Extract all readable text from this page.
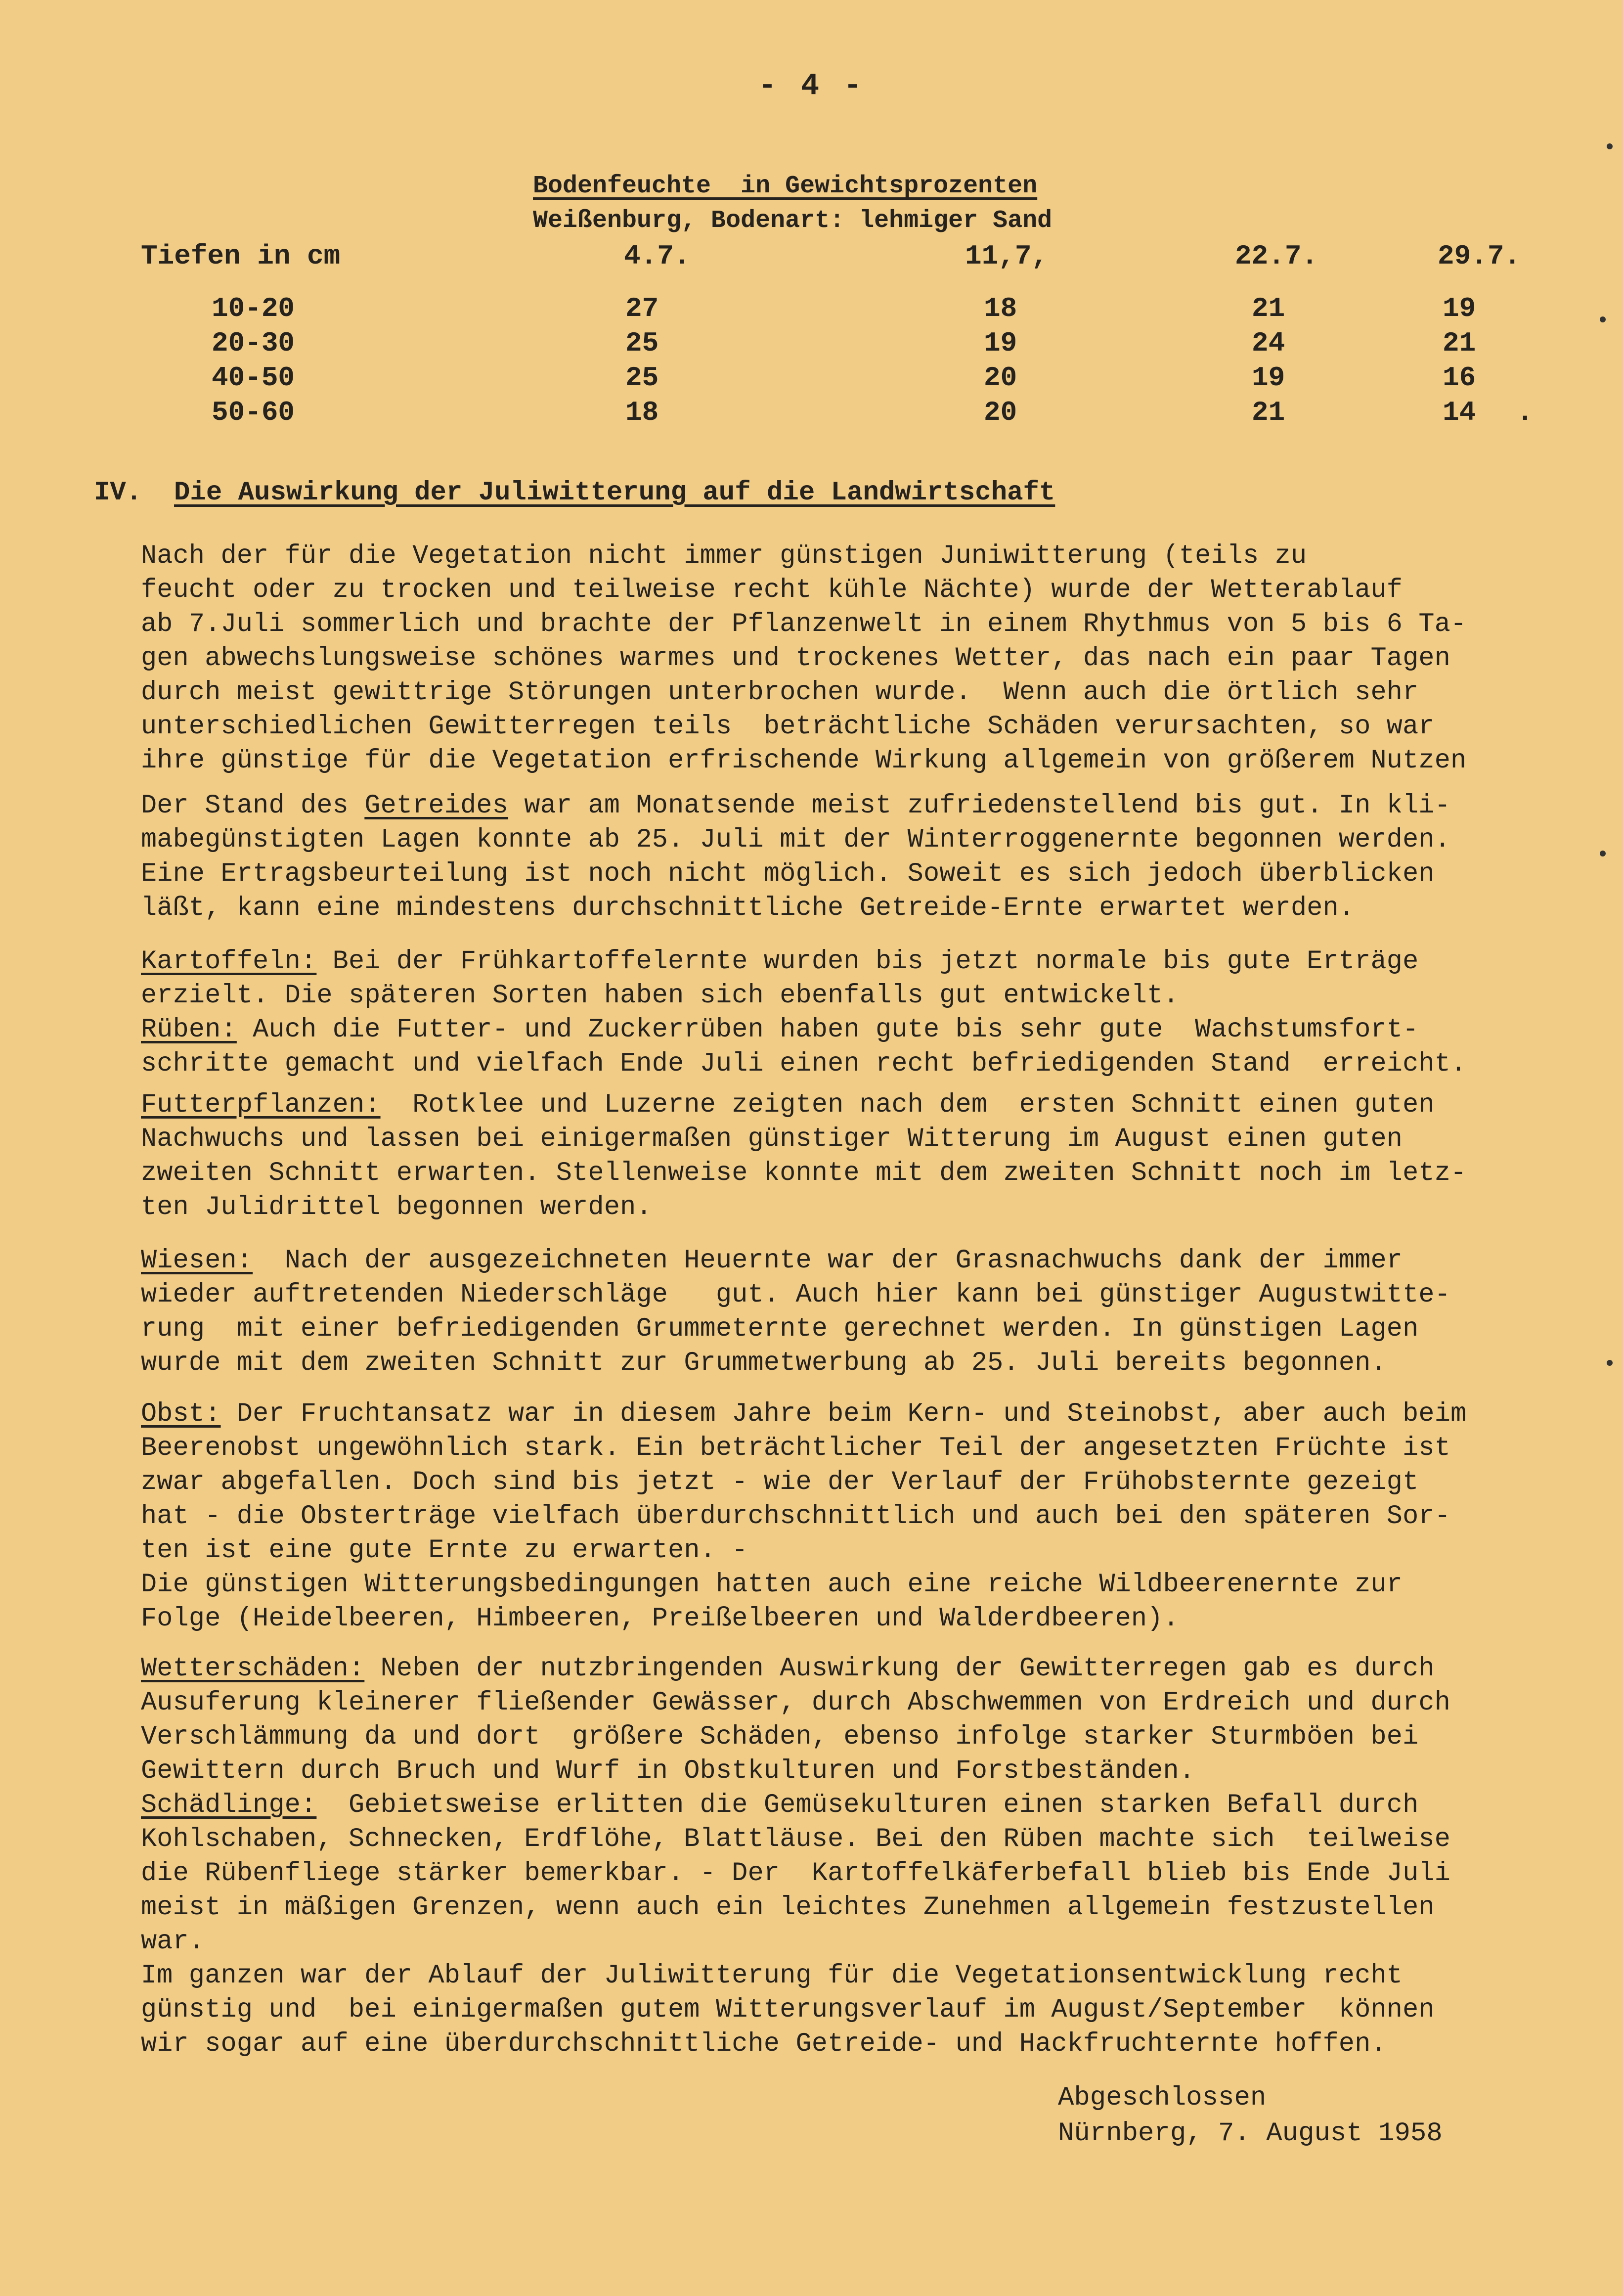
- 4 -
Bodenfeuchte  in Gewichtsprozenten
Weißenburg, Bodenart: lehmiger Sand
Tiefen in cm	4.7.	11,7,	22.7.	29.7.
10-20	27	18	21	19
20-30	25	19	24	21
40-50	25	20	19	16
50-60	18	20	21	14 .
IV. Die Auswirkung der Juliwitterung auf die Landwirtschaft
Nach der für die Vegetation nicht immer günstigen Juniwitterung (teils zu
feucht oder zu trocken und teilweise recht kühle Nächte) wurde der Wetterablauf
ab 7.Juli sommerlich und brachte der Pflanzenwelt in einem Rhythmus von 5 bis 6 Ta-
gen abwechslungsweise schönes warmes und trockenes Wetter, das nach ein paar Tagen
durch meist gewittrige Störungen unterbrochen wurde.  Wenn auch die örtlich sehr
unterschiedlichen Gewitterregen teils  beträchtliche Schäden verursachten, so war
ihre günstige für die Vegetation erfrischende Wirkung allgemein von größerem Nutzen
Der Stand des Getreides war am Monatsende meist zufriedenstellend bis gut. In kli-
mabegünstigten Lagen konnte ab 25. Juli mit der Winterroggenernte begonnen werden.
Eine Ertragsbeurteilung ist noch nicht möglich. Soweit es sich jedoch überblicken
läßt, kann eine mindestens durchschnittliche Getreide-Ernte erwartet werden.
Kartoffeln: Bei der Frühkartoffelernte wurden bis jetzt normale bis gute Erträge
erzielt. Die späteren Sorten haben sich ebenfalls gut entwickelt.
Rüben: Auch die Futter- und Zuckerrüben haben gute bis sehr gute  Wachstumsfort-
schritte gemacht und vielfach Ende Juli einen recht befriedigenden Stand  erreicht.
Futterpflanzen:  Rotklee und Luzerne zeigten nach dem  ersten Schnitt einen guten
Nachwuchs und lassen bei einigermaßen günstiger Witterung im August einen guten
zweiten Schnitt erwarten. Stellenweise konnte mit dem zweiten Schnitt noch im letz-
ten Julidrittel begonnen werden.
Wiesen:  Nach der ausgezeichneten Heuernte war der Grasnachwuchs dank der immer
wieder auftretenden Niederschläge   gut. Auch hier kann bei günstiger Augustwitte-
rung  mit einer befriedigenden Grummeternte gerechnet werden. In günstigen Lagen
wurde mit dem zweiten Schnitt zur Grummetwerbung ab 25. Juli bereits begonnen.
Obst: Der Fruchtansatz war in diesem Jahre beim Kern- und Steinobst, aber auch beim
Beerenobst ungewöhnlich stark. Ein beträchtlicher Teil der angesetzten Früchte ist
zwar abgefallen. Doch sind bis jetzt - wie der Verlauf der Frühobsternte gezeigt
hat - die Obsterträge vielfach überdurchschnittlich und auch bei den späteren Sor-
ten ist eine gute Ernte zu erwarten. -
Die günstigen Witterungsbedingungen hatten auch eine reiche Wildbeerenernte zur
Folge (Heidelbeeren, Himbeeren, Preißelbeeren und Walderdbeeren).
Wetterschäden: Neben der nutzbringenden Auswirkung der Gewitterregen gab es durch
Ausuferung kleinerer fließender Gewässer, durch Abschwemmen von Erdreich und durch
Verschlämmung da und dort  größere Schäden, ebenso infolge starker Sturmböen bei
Gewittern durch Bruch und Wurf in Obstkulturen und Forstbeständen.
Schädlinge:  Gebietsweise erlitten die Gemüsekulturen einen starken Befall durch
Kohlschaben, Schnecken, Erdflöhe, Blattläuse. Bei den Rüben machte sich  teilweise
die Rübenfliege stärker bemerkbar. - Der  Kartoffelkäferbefall blieb bis Ende Juli
meist in mäßigen Grenzen, wenn auch ein leichtes Zunehmen allgemein festzustellen
war.
Im ganzen war der Ablauf der Juliwitterung für die Vegetationsentwicklung recht
günstig und  bei einigermaßen gutem Witterungsverlauf im August/September  können
wir sogar auf eine überdurchschnittliche Getreide- und Hackfruchternte hoffen.
Abgeschlossen
Nürnberg, 7. August 1958
